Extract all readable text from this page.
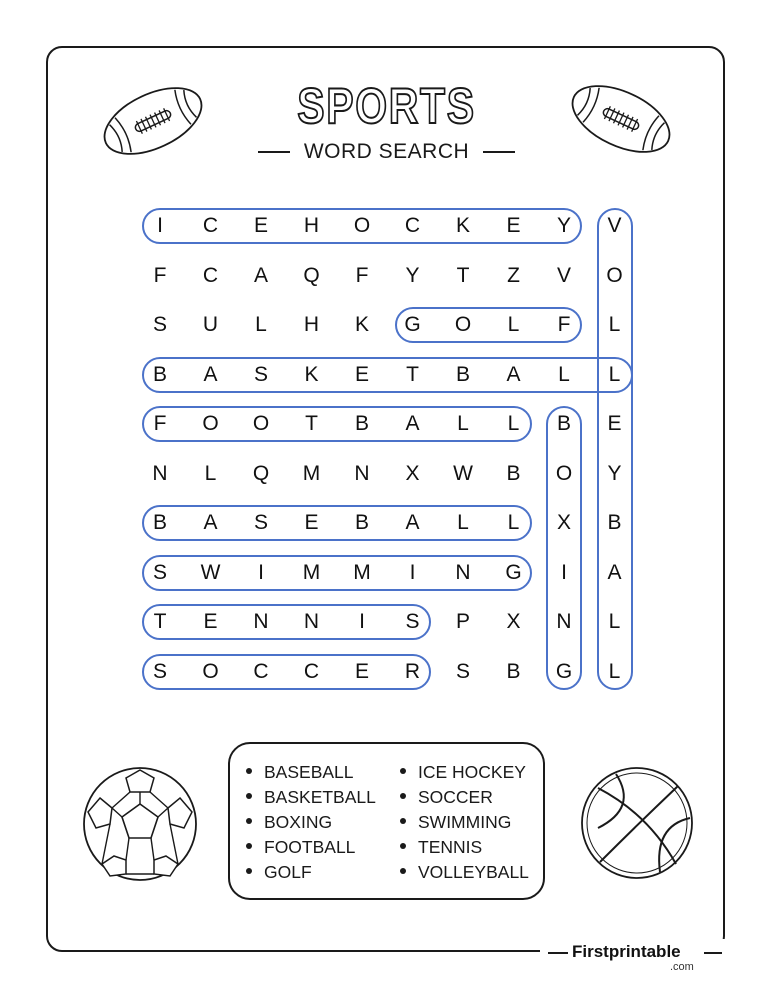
SPORTS
WORD SEARCH
I	C	E	H	O	C	K	E	Y	V
F	C	A	Q	F	Y	T	Z	V	O
S	U	L	H	K	G	O	L	F	L
B	A	S	K	E	T	B	A	L	L
F	O	O	T	B	A	L	L	B	E
N	L	Q	M	N	X	W	B	O	Y
B	A	S	E	B	A	L	L	X	B
S	W	I	M	M	I	N	G	I	A
T	E	N	N	I	S	P	X	N	L
S	O	C	C	E	R	S	B	G	L
BASEBALL
BASKETBALL
BOXING
FOOTBALL
GOLF
ICE HOCKEY
SOCCER
SWIMMING
TENNIS
VOLLEYBALL
Firstprintable
.com
